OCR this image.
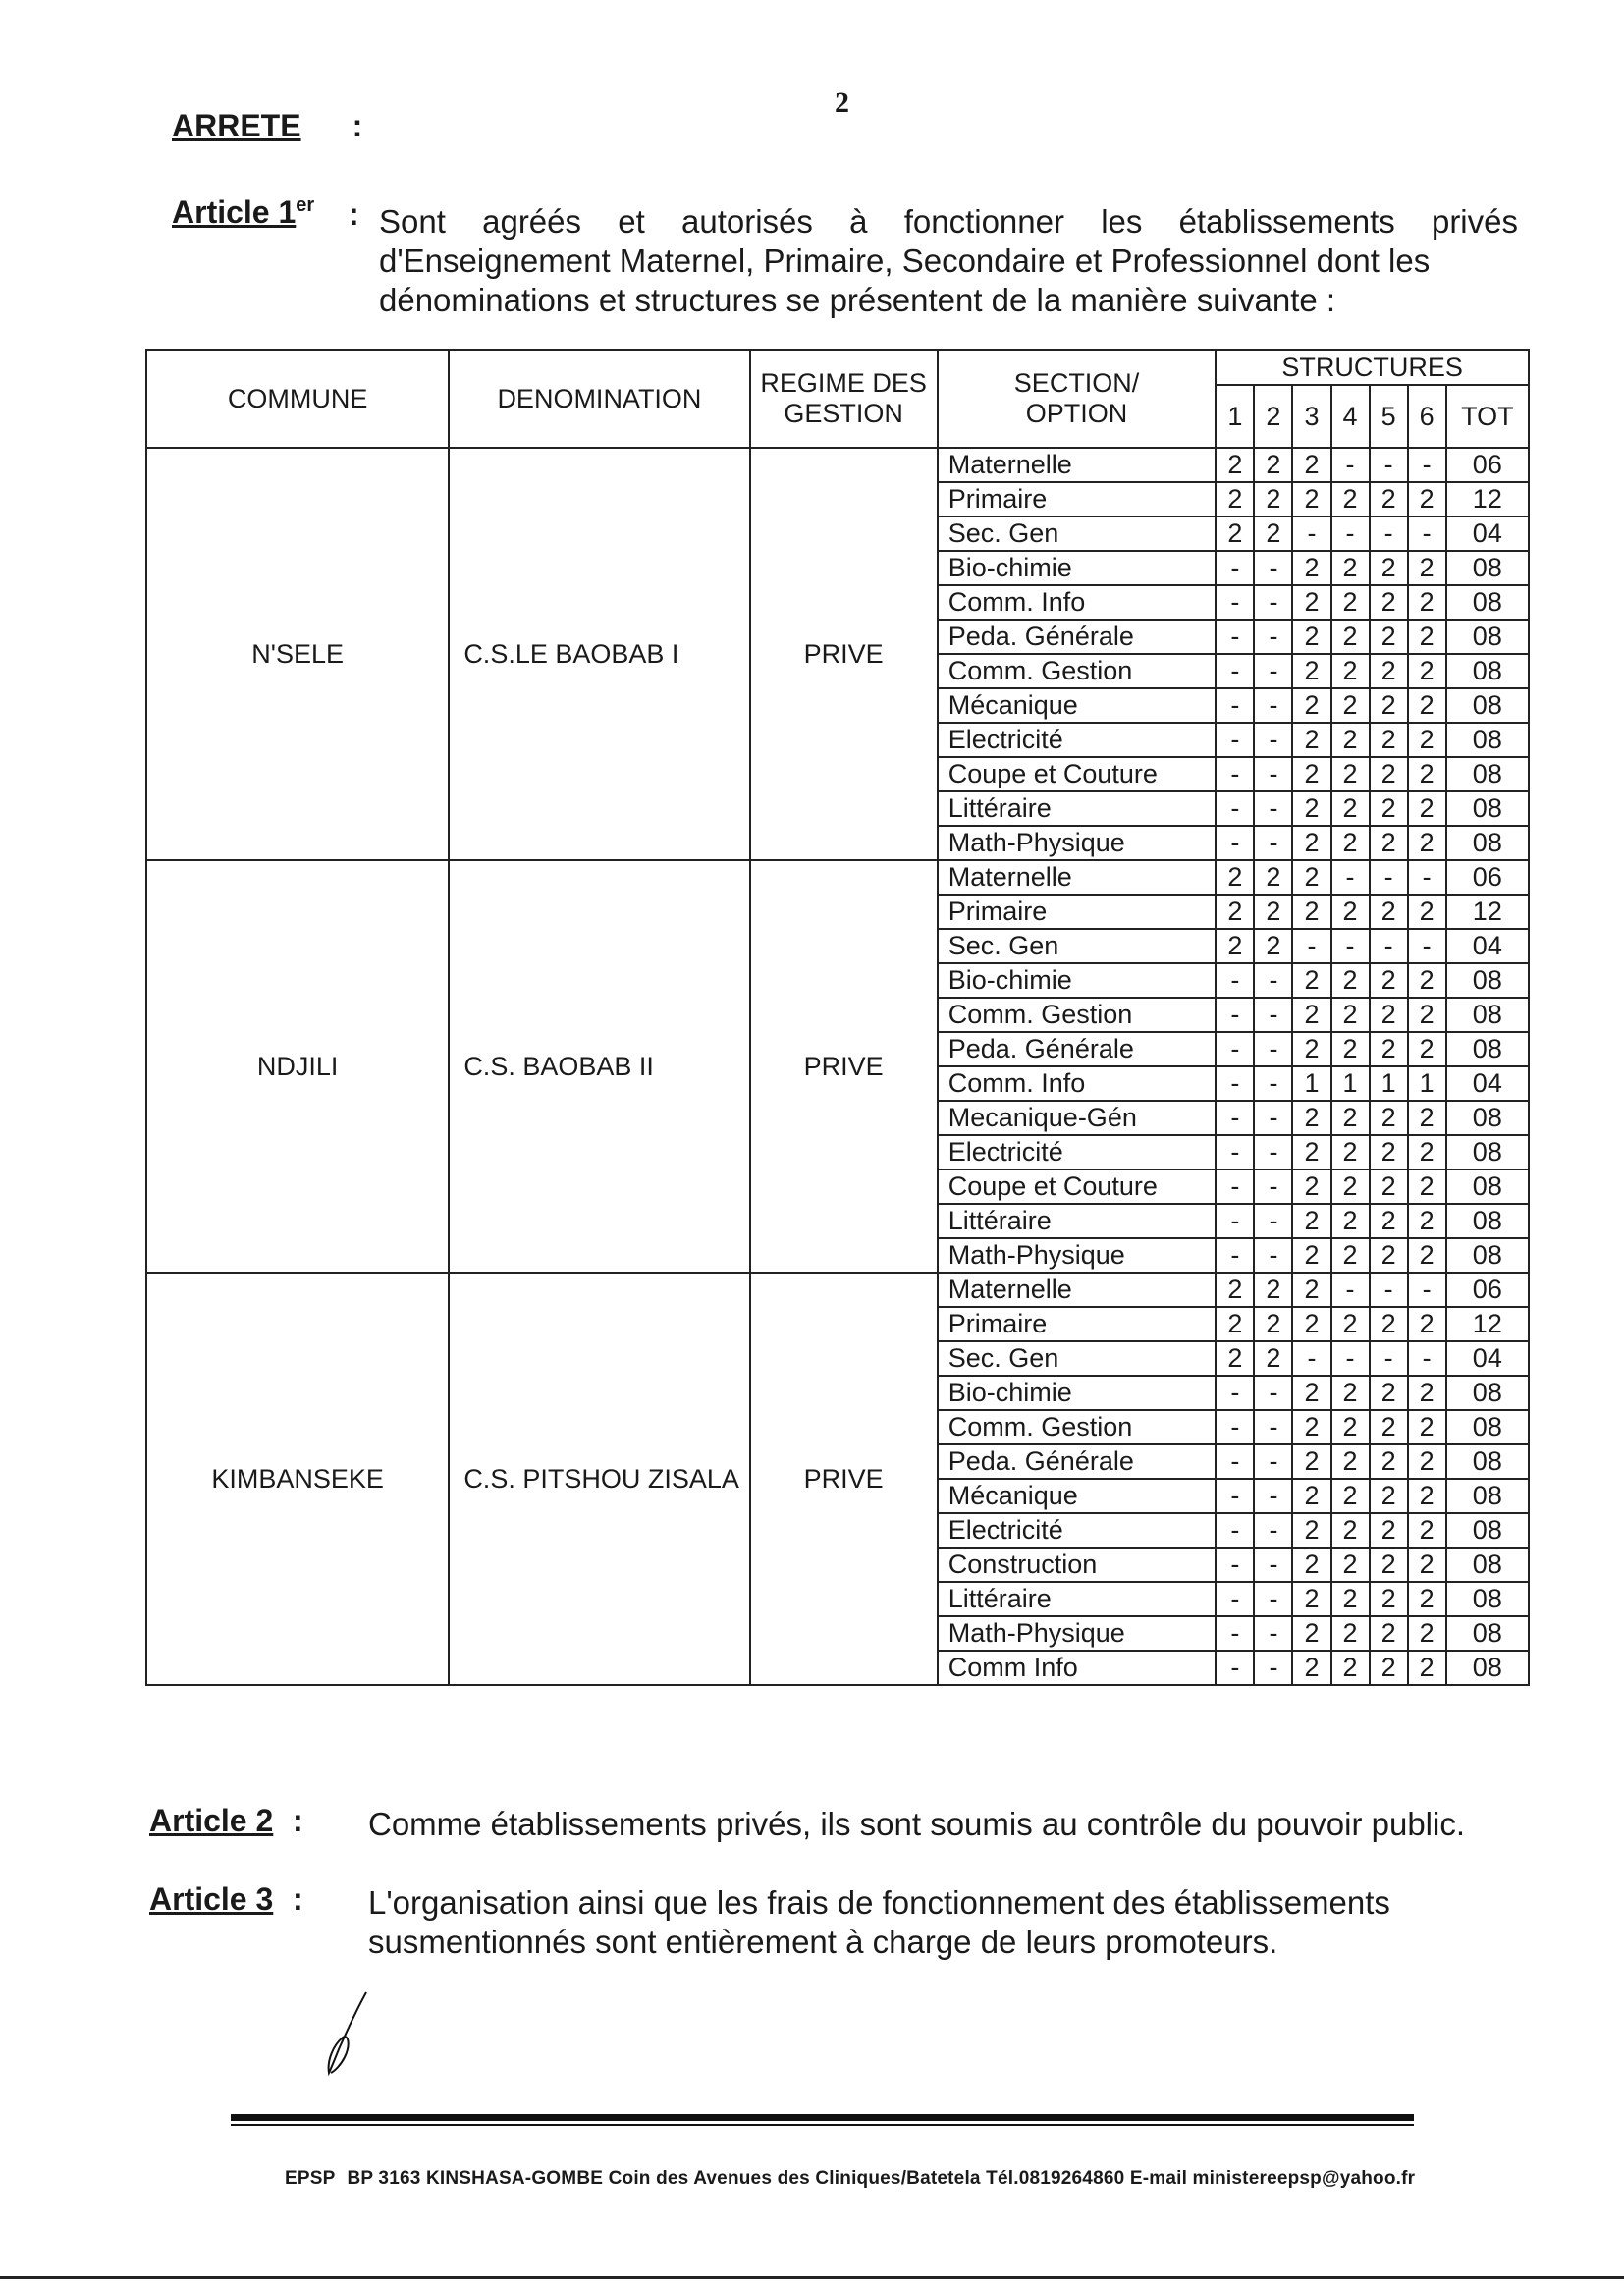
2
ARRETE :
Article 1er : Sont agréés et autorisés à fonctionner les établissements privés d'Enseignement Maternel, Primaire, Secondaire et Professionnel dont les
dénominations et structures se présentent de la manière suivante :
COMMUNE	DENOMINATION	REGIME DES GESTION	SECTION/ OPTION	STRUCTURES						
				1	2	3	4	5	6	TOT
N'SELE	C.S.LE BAOBAB I	PRIVE	Maternelle	2	2	2	-	-	-	06
			Primaire	2	2	2	2	2	2	12
			Sec. Gen	2	2	-	-	-	-	04
			Bio-chimie	-	-	2	2	2	2	08
			Comm. Info	-	-	2	2	2	2	08
			Peda. Générale	-	-	2	2	2	2	08
			Comm. Gestion	-	-	2	2	2	2	08
			Mécanique	-	-	2	2	2	2	08
			Electricité	-	-	2	2	2	2	08
			Coupe et Couture	-	-	2	2	2	2	08
			Littéraire	-	-	2	2	2	2	08
			Math-Physique	-	-	2	2	2	2	08
NDJILI	C.S. BAOBAB II	PRIVE	Maternelle	2	2	2	-	-	-	06
			Primaire	2	2	2	2	2	2	12
			Sec. Gen	2	2	-	-	-	-	04
			Bio-chimie	-	-	2	2	2	2	08
			Comm. Gestion	-	-	2	2	2	2	08
			Peda. Générale	-	-	2	2	2	2	08
			Comm. Info	-	-	1	1	1	1	04
			Mecanique-Gén	-	-	2	2	2	2	08
			Electricité	-	-	2	2	2	2	08
			Coupe et Couture	-	-	2	2	2	2	08
			Littéraire	-	-	2	2	2	2	08
			Math-Physique	-	-	2	2	2	2	08
KIMBANSEKE	C.S. PITSHOU ZISALA	PRIVE	Maternelle	2	2	2	-	-	-	06
			Primaire	2	2	2	2	2	2	12
			Sec. Gen	2	2	-	-	-	-	04
			Bio-chimie	-	-	2	2	2	2	08
			Comm. Gestion	-	-	2	2	2	2	08
			Peda. Générale	-	-	2	2	2	2	08
			Mécanique	-	-	2	2	2	2	08
			Electricité	-	-	2	2	2	2	08
			Construction	-	-	2	2	2	2	08
			Littéraire	-	-	2	2	2	2	08
			Math-Physique	-	-	2	2	2	2	08
			Comm Info	-	-	2	2	2	2	08
Article 2 : Comme établissements privés, ils sont soumis au contrôle du pouvoir public.
Article 3 : L'organisation ainsi que les frais de fonctionnement des établissements
susmentionnés sont entièrement à charge de leurs promoteurs.
EPSP BP 3163 KINSHASA-GOMBE Coin des Avenues des Cliniques/Batetela Tél.0819264860 E-mail ministereepsp@yahoo.fr
